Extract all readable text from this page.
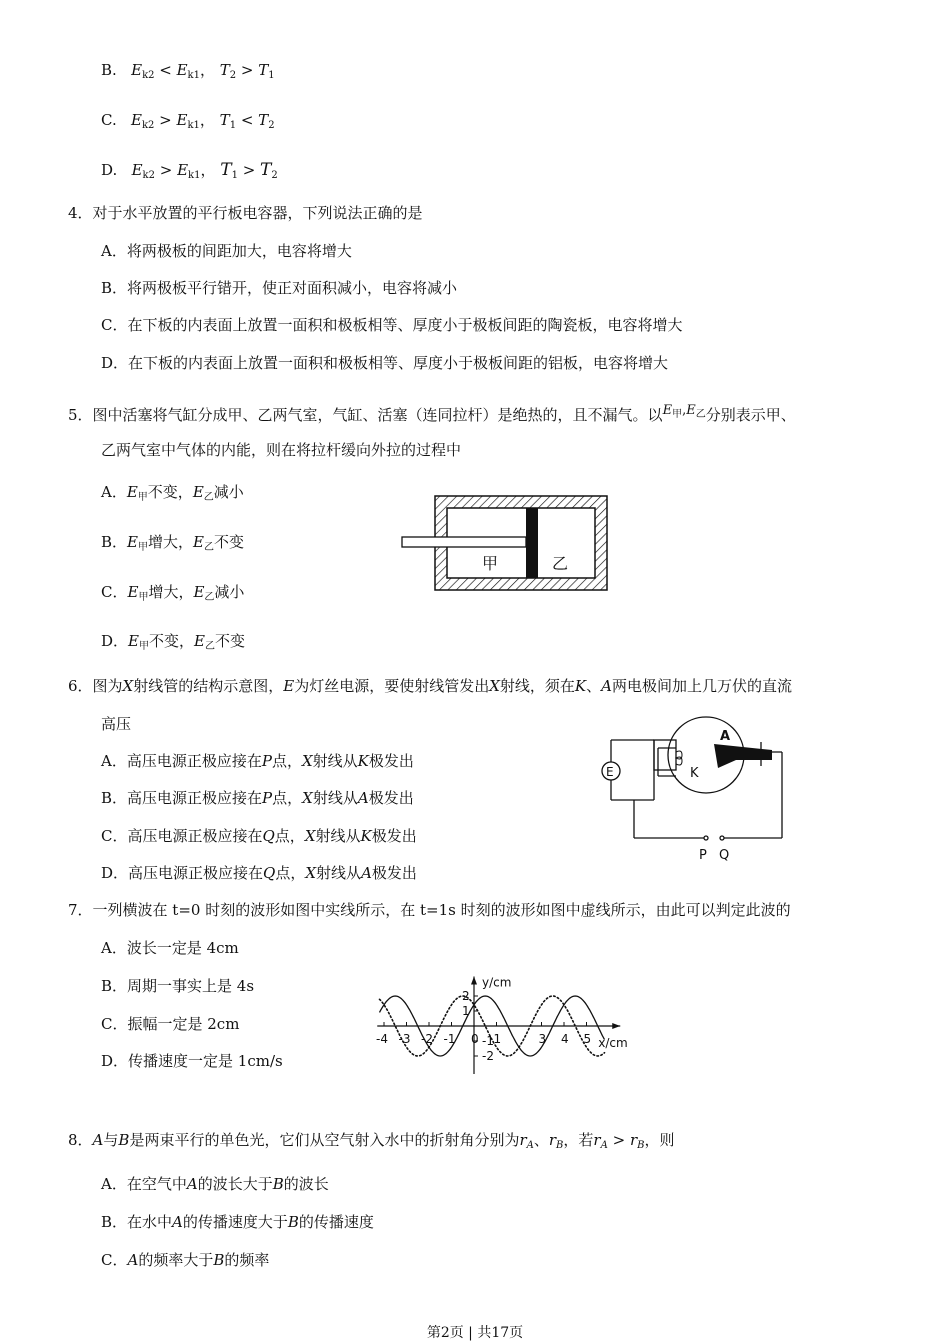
B. $E_{k2} < E_{k1}$， $T_2 > T_1$
C. $E_{k2} > E_{k1}$， $T_1 < T_2$
D. $E_{k2} > E_{k1}$， $T_1 > T_2$
4．对于水平放置的平行板电容器，下列说法正确的是
A．将两极板的间距加大，电容将增大
B．将两极板平行错开，使正对面积减小，电容将减小
C．在下板的内表面上放置一面积和极板相等、厚度小于极板间距的陶瓷板，电容将增大
D．在下板的内表面上放置一面积和极板相等、厚度小于极板间距的铝板，电容将增大
5．图中活塞将气缸分成甲、乙两气室，气缸、活塞（连同拉杆）是绝热的，且不漏气。以$E_甲,E_乙$分别表示甲、
乙两气室中气体的内能，则在将拉杆缓向外拉的过程中
A．$E_甲$不变，$E_乙$减小
B．$E_甲$增大，$E_乙$不变
C．$E_甲$增大，$E_乙$减小
D．$E_甲$不变，$E_乙$不变
甲	乙
6．图为X射线管的结构示意图，E为灯丝电源，要使射线管发出X射线，须在K、A两电极间加上几万伏的直流
高压
A．高压电源正极应接在P点，X射线从K极发出
B．高压电源正极应接在P点，X射线从A极发出
C．高压电源正极应接在Q点，X射线从K极发出
D．高压电源正极应接在Q点，X射线从A极发出
E	K
A
P Q
7．一列横波在 t=0 时刻的波形如图中实线所示，在 t=1s 时刻的波形如图中虚线所示，由此可以判定此波的
A．波长一定是 4cm
B．周期一事实上是 4s
C．振幅一定是 2cm
D．传播速度一定是 1cm/s
y/cm
x/cm
-4 -3 -2 -1 0 1	3 4 5
2
1
-1
-2
8．A与B是两束平行的单色光，它们从空气射入水中的折射角分别为$r_A$、$r_B$，若$r_A > r_B$，则
A．在空气中A的波长大于B的波长
B．在水中A的传播速度大于B的传播速度
C．A的频率大于B的频率
第2页 | 共17页
